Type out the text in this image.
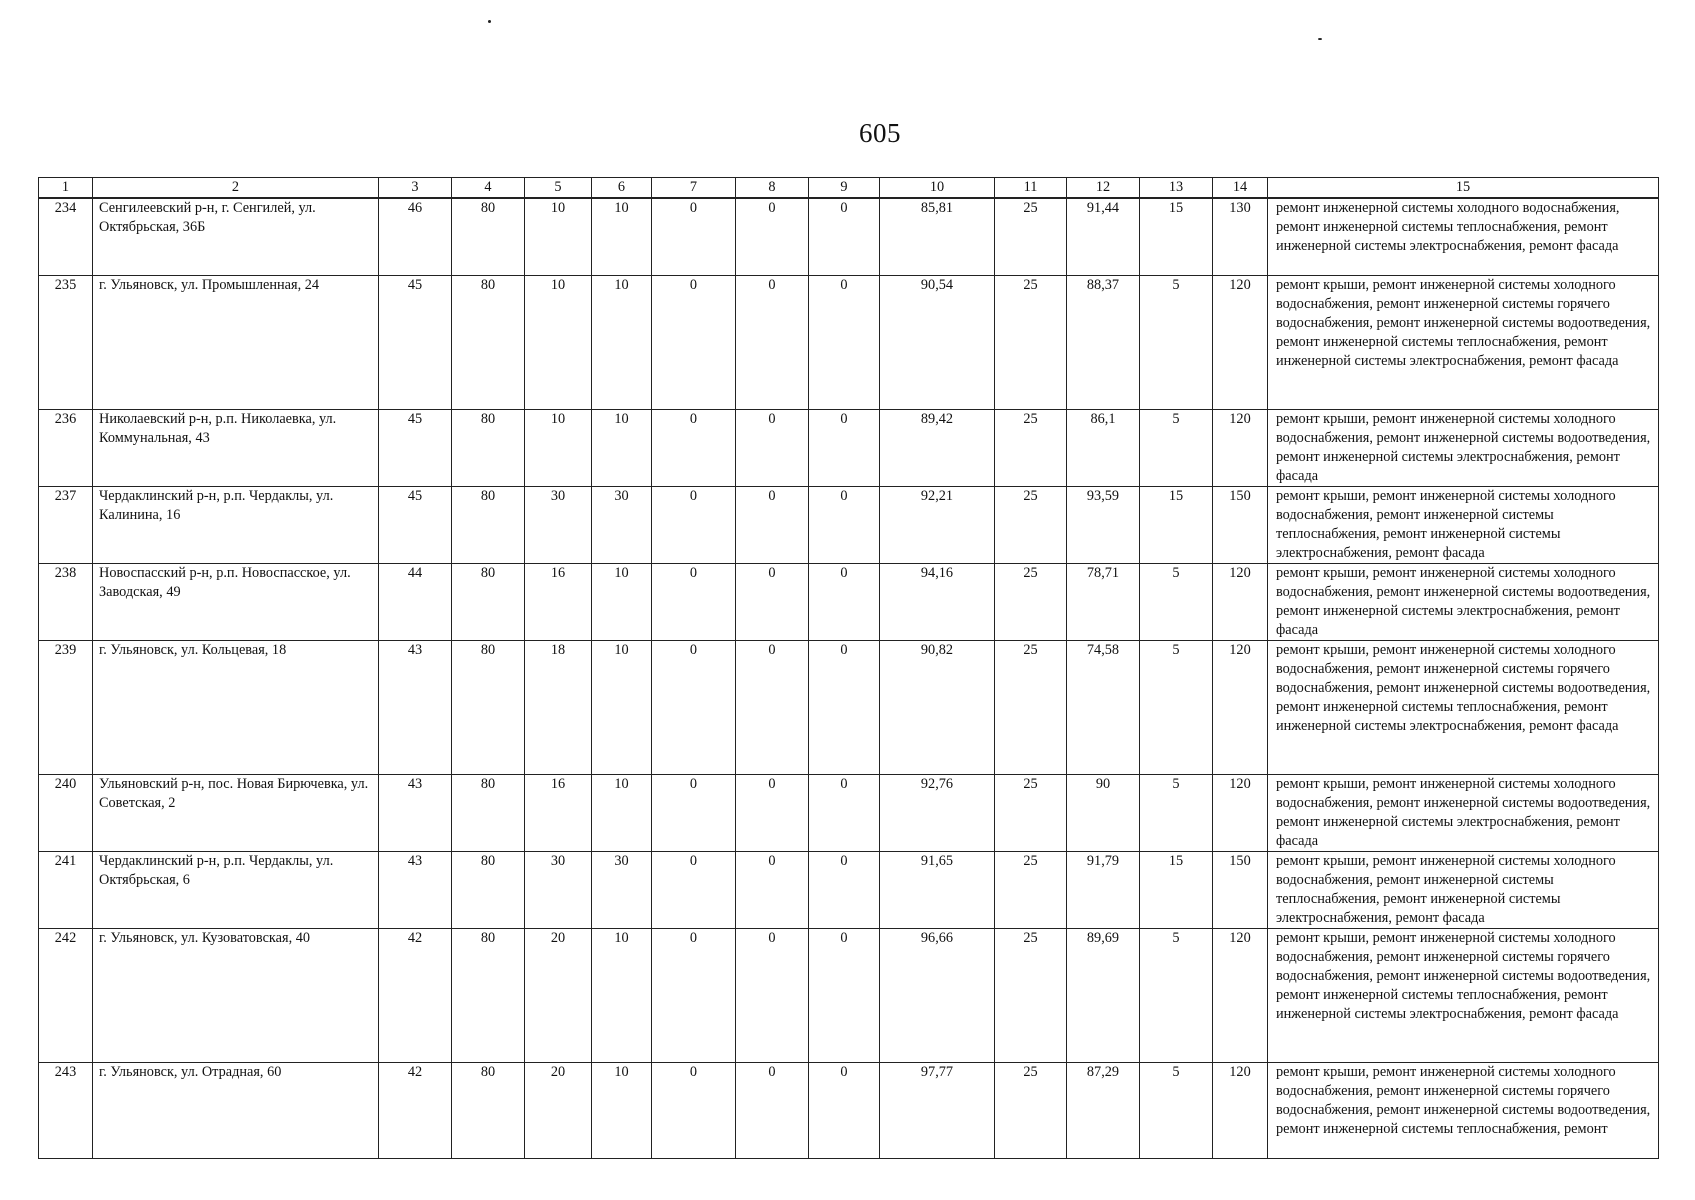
605
1	2	3	4	5	6	7	8	9	10	11	12	13	14	15
234	Сенгилеевский р-н, г. Сенгилей, ул. Октябрьская, 36Б	46	80	10	10	0	0	0	85,81	25	91,44	15	130	ремонт инженерной системы холодного водоснабжения, ремонт инженерной системы теплоснабжения, ремонт инженерной системы электроснабжения, ремонт фасада
235	г. Ульяновск, ул. Промышленная, 24	45	80	10	10	0	0	0	90,54	25	88,37	5	120	ремонт крыши, ремонт инженерной системы холодного водоснабжения, ремонт инженерной системы горячего водоснабжения, ремонт инженерной системы водоотведения, ремонт инженерной системы теплоснабжения, ремонт инженерной системы электроснабжения, ремонт фасада
236	Николаевский р-н, р.п. Николаевка, ул. Коммунальная, 43	45	80	10	10	0	0	0	89,42	25	86,1	5	120	ремонт крыши, ремонт инженерной системы холодного водоснабжения, ремонт инженерной системы водоотведения, ремонт инженерной системы электроснабжения, ремонт фасада
237	Чердаклинский р-н, р.п. Чердаклы, ул. Калинина, 16	45	80	30	30	0	0	0	92,21	25	93,59	15	150	ремонт крыши, ремонт инженерной системы холодного водоснабжения, ремонт инженерной системы теплоснабжения, ремонт инженерной системы электроснабжения, ремонт фасада
238	Новоспасский р-н, р.п. Новоспасское, ул. Заводская, 49	44	80	16	10	0	0	0	94,16	25	78,71	5	120	ремонт крыши, ремонт инженерной системы холодного водоснабжения, ремонт инженерной системы водоотведения, ремонт инженерной системы электроснабжения, ремонт фасада
239	г. Ульяновск, ул. Кольцевая, 18	43	80	18	10	0	0	0	90,82	25	74,58	5	120	ремонт крыши, ремонт инженерной системы холодного водоснабжения, ремонт инженерной системы горячего водоснабжения, ремонт инженерной системы водоотведения, ремонт инженерной системы теплоснабжения, ремонт инженерной системы электроснабжения, ремонт фасада
240	Ульяновский р-н, пос. Новая Бирючевка, ул. Советская, 2	43	80	16	10	0	0	0	92,76	25	90	5	120	ремонт крыши, ремонт инженерной системы холодного водоснабжения, ремонт инженерной системы водоотведения, ремонт инженерной системы электроснабжения, ремонт фасада
241	Чердаклинский р-н, р.п. Чердаклы, ул. Октябрьская, 6	43	80	30	30	0	0	0	91,65	25	91,79	15	150	ремонт крыши, ремонт инженерной системы холодного водоснабжения, ремонт инженерной системы теплоснабжения, ремонт инженерной системы электроснабжения, ремонт фасада
242	г. Ульяновск, ул. Кузоватовская, 40	42	80	20	10	0	0	0	96,66	25	89,69	5	120	ремонт крыши, ремонт инженерной системы холодного водоснабжения, ремонт инженерной системы горячего водоснабжения, ремонт инженерной системы водоотведения, ремонт инженерной системы теплоснабжения, ремонт инженерной системы электроснабжения, ремонт фасада
243	г. Ульяновск, ул. Отрадная, 60	42	80	20	10	0	0	0	97,77	25	87,29	5	120	ремонт крыши, ремонт инженерной системы холодного водоснабжения, ремонт инженерной системы горячего водоснабжения, ремонт инженерной системы водоотведения, ремонт инженерной системы теплоснабжения, ремонт
